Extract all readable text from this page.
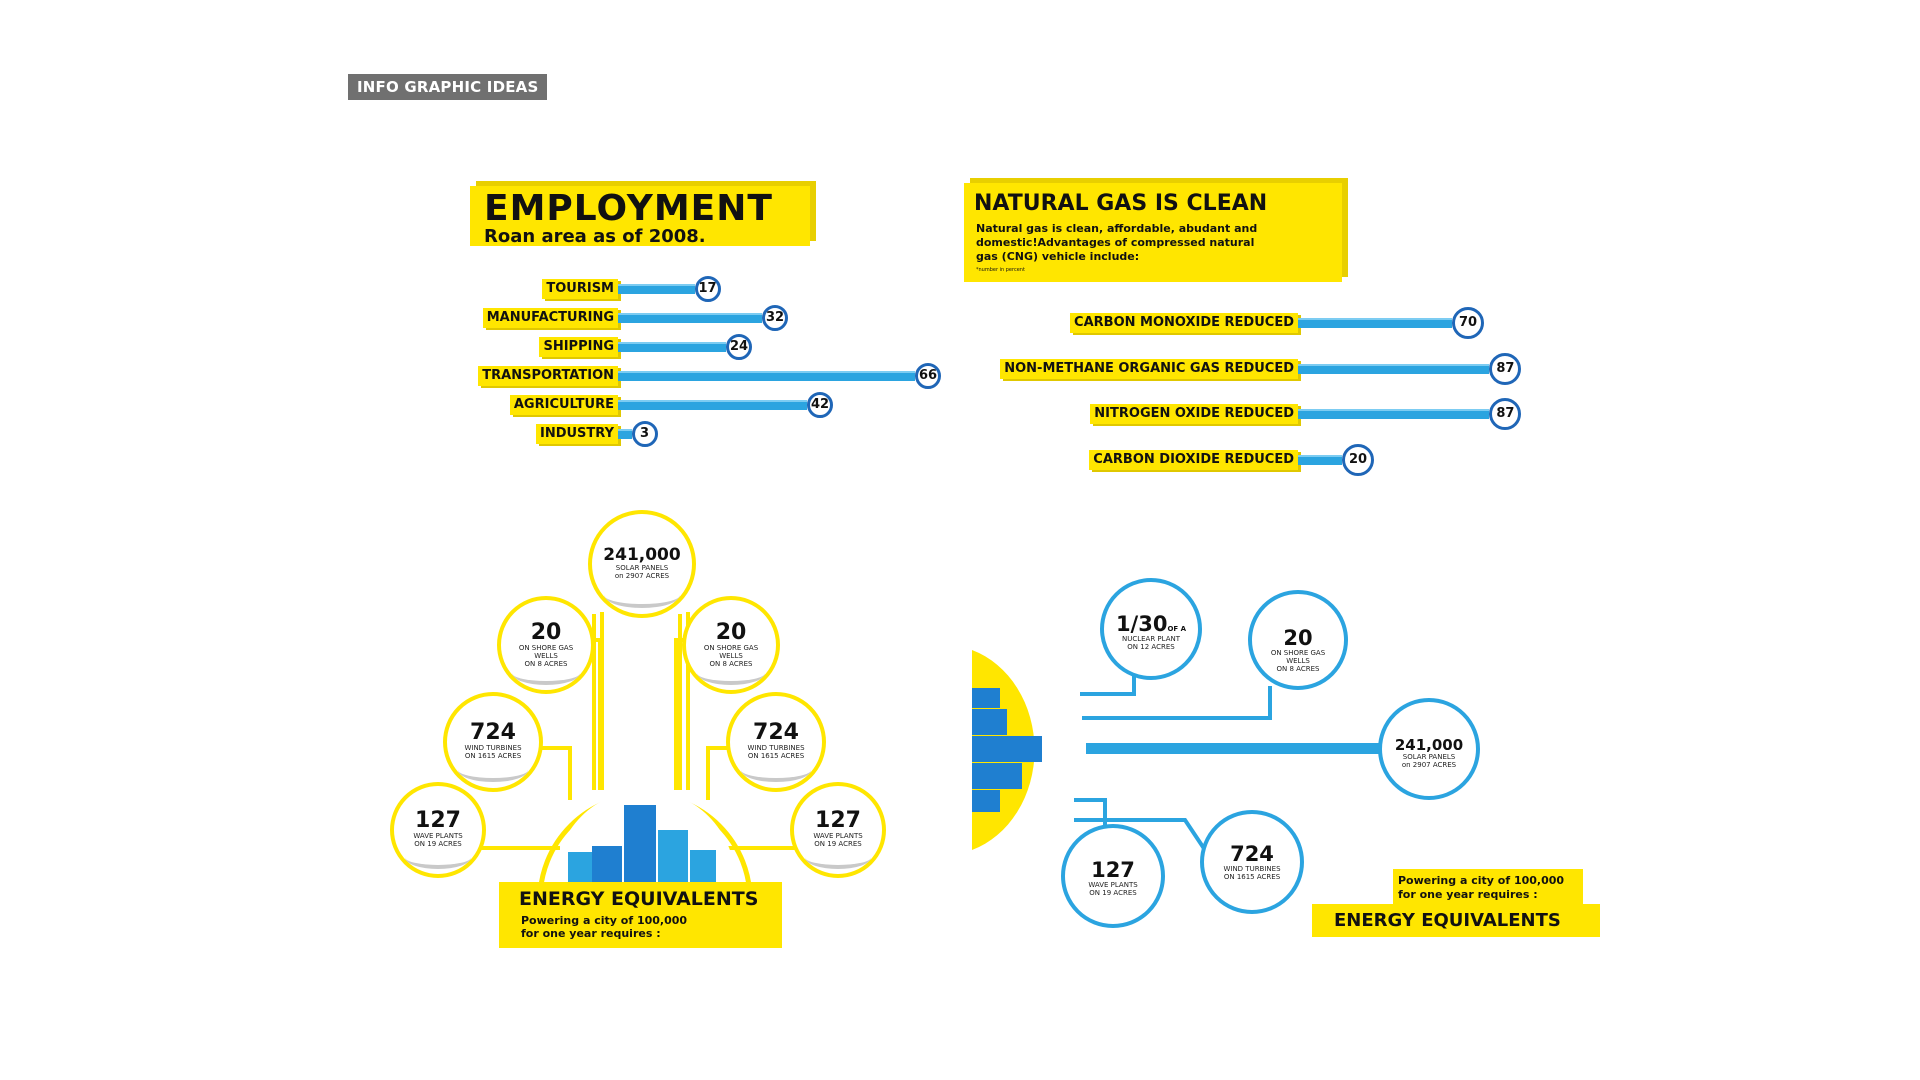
INFO GRAPHIC IDEAS
EMPLOYMENT
Roan area as of 2008.
TOURISM	17
MANUFACTURING	32
SHIPPING	24
TRANSPORTATION	66
AGRICULTURE	42
INDUSTRY	3
NATURAL GAS IS CLEAN
Natural gas is clean, affordable, abudant and domestic!Advantages of compressed natural gas (CNG) vehicle include:
*number in percent
CARBON MONOXIDE REDUCED	70
NON-METHANE ORGANIC GAS REDUCED	87
NITROGEN OXIDE REDUCED	87
CARBON DIOXIDE REDUCED	20
241,000
SOLAR PANELS
on 2907 ACRES
20
ON SHORE GAS
WELLS
ON 8 ACRES
20
ON SHORE GAS
WELLS
ON 8 ACRES
724
WIND TURBINES
ON 1615 ACRES
724
WIND TURBINES
ON 1615 ACRES
127
WAVE PLANTS
ON 19 ACRES
127
WAVE PLANTS
ON 19 ACRES
ENERGY EQUIVALENTS
Powering a city of 100,000
for one year requires :
1/30OF A
NUCLEAR PLANT
ON 12 ACRES	20
ON SHORE GAS
WELLS
ON 8 ACRES
241,000
SOLAR PANELS
on 2907 ACRES
724
WIND TURBINES
ON 1615 ACRES
127
WAVE PLANTS
ON 19 ACRES
Powering a city of 100,000
for one year requires :
ENERGY EQUIVALENTS
